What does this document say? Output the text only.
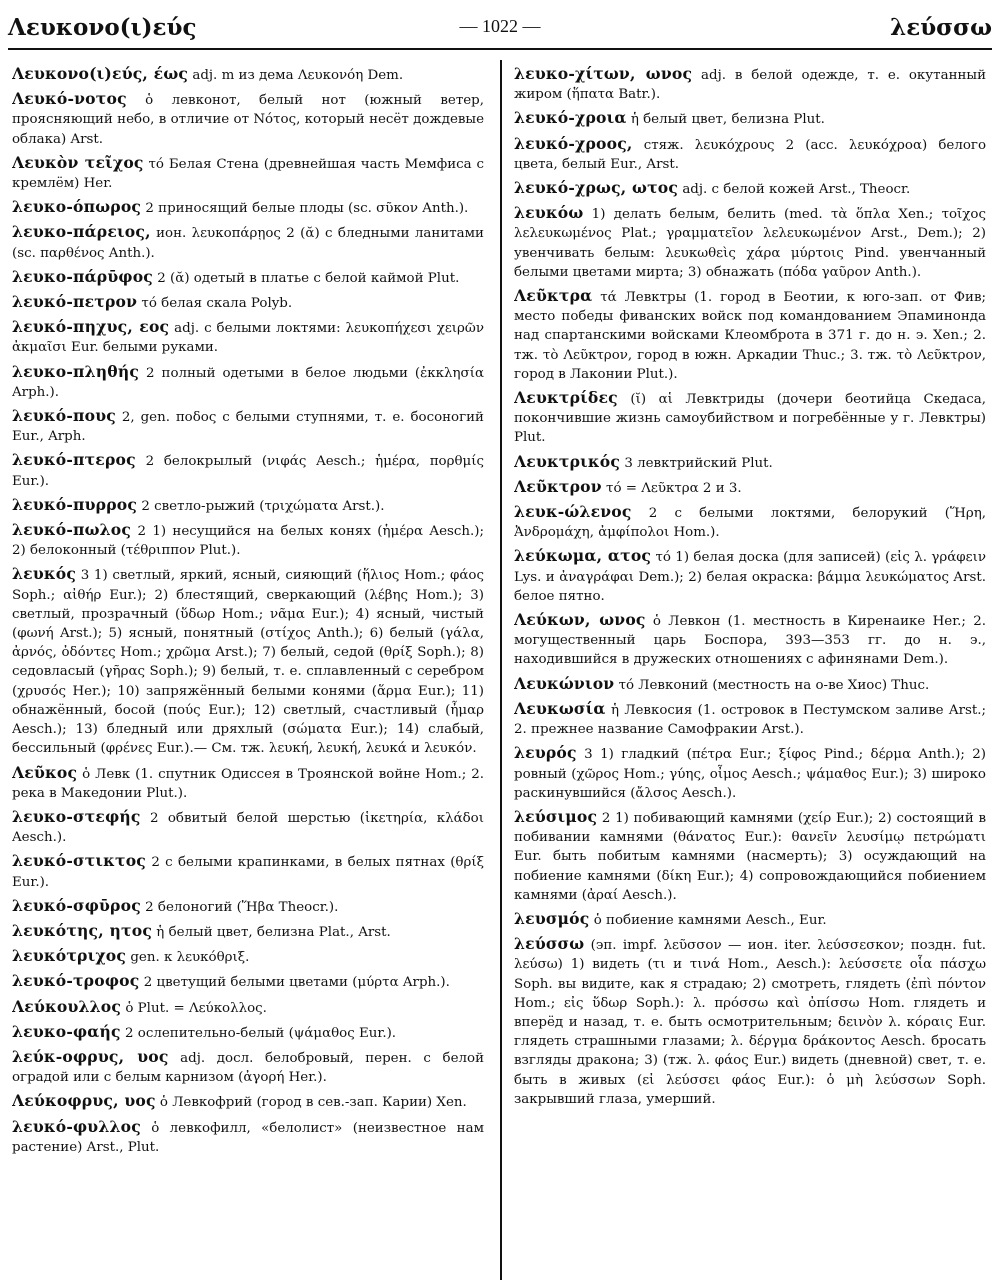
Λευκονο(ι)εύς	— 1022 —	λεύσσω

Λευκονο(ι)εύς, έως adj. m из дема Λευκονόη Dem.

Λευκό-νοτος ὁ левконот, белый нот (южный ветер, проясняющий небо, в отличие от Νότος, который несёт дождевые облака) Arst.

Λευκὸν τεῖχος τό Белая Стена (древнейшая часть Мемфиса с кремлём) Her.

λευκο-όπωρος 2 приносящий белые плоды (sc. σῦκον Anth.).

λευκο-πάρειος, ион. λευκοπάρῃος 2 (ᾰ) с бледными ланитами (sc. παρθένος Anth.).

λευκο-πάρῡφος 2 (ᾰ) одетый в платье с белой каймой Plut.

λευκό-πετρον τό белая скала Polyb.

λευκό-πηχυς, εος adj. с белыми локтями: λευκοπήχεσι χειρῶν ἀκμαῖσι Eur. белыми руками.

λευκο-πληθής 2 полный одетыми в белое людьми (ἐκκλησία Arph.).

λευκό-πους 2, gen. ποδος с белыми ступнями, т. е. босоногий Eur., Arph.

λευκό-πτερος 2 белокрылый (νιφάς Aesch.; ἡμέρα, πορθμίς Eur.).

λευκό-πυρρος 2 светло-рыжий (τριχώματα Arst.).

λευκό-πωλος 2 1) несущийся на белых конях (ἡμέρα Aesch.); 2) белоконный (τέθριππον Plut.).

λευκός 3 1) светлый, яркий, ясный, сияющий (ἥλιος Hom.; φάος Soph.; αἰθήρ Eur.); 2) блестящий, сверкающий (λέβης Hom.); 3) светлый, прозрачный (ὕδωρ Hom.; νᾶμα Eur.); 4) ясный, чистый (φωνή Arst.); 5) ясный, понятный (στίχος Anth.); 6) белый (γάλα, ἀρνός, ὀδόντες Hom.; χρῶμα Arst.); 7) белый, седой (θρίξ Soph.); 8) седовласый (γῆρας Soph.); 9) белый, т. е. сплавленный с серебром (χρυσός Her.); 10) запряжённый белыми конями (ἅρμα Eur.); 11) обнажённый, босой (πούς Eur.); 12) светлый, счастливый (ἦμαρ Aesch.); 13) бледный или дряхлый (σώματα Eur.); 14) слабый, бессильный (φρένες Eur.).— См. тж. λευκή, λευκή, λευκά и λευκόν.

Λεῦκος ὁ Левк (1. спутник Одиссея в Троянской войне Hom.; 2. река в Македонии Plut.).

λευκο-στεφής 2 обвитый белой шерстью (ἱκετηρία, κλάδοι Aesch.).

λευκό-στικτος 2 с белыми крапинками, в белых пятнах (θρίξ Eur.).

λευκό-σφῡρος 2 белоногий (Ἥβα Theocr.).

λευκότης, ητος ἡ белый цвет, белизна Plat., Arst.

λευκότριχος gen. к λευκόθριξ.

λευκό-τροφος 2 цветущий белыми цветами (μύρτα Arph.).

Λεύκουλλος ὁ Plut. = Λεύκολλος.

λευκο-φαής 2 ослепительно-белый (ψάμαθος Eur.).

λεύκ-οφρυς, υος adj. досл. белобровый, перен. с белой оградой или с белым карнизом (ἀγορή Her.).

Λεύκοφρυς, υος ὁ Левкофрий (город в сев.-зап. Карии) Xen.

λευκό-φυλλος ὁ левкофилл, «белолист» (неизвестное нам растение) Arst., Plut.

λευκο-χίτων, ωνος adj. в белой одежде, т. е. окутанный жиром (ἥπατα Batr.).

λευκό-χροια ἡ белый цвет, белизна Plut.

λευκό-χροος, стяж. λευκόχρους 2 (acc. λευκόχροα) белого цвета, белый Eur., Arst.

λευκό-χρως, ωτος adj. с белой кожей Arst., Theocr.

λευκόω 1) делать белым, белить (med. τὰ ὅπλα Xen.; τοῖχος λελευκωμένος Plat.; γραμματεῖον λελευκωμένον Arst., Dem.); 2) увенчивать белым: λευκωθεὶς χάρα μύρτοις Pind. увенчанный белыми цветами мирта; 3) обнажать (πόδα γαῦρον Anth.).

Λεῦκτρα τά Левктры (1. город в Беотии, к юго-зап. от Фив; место победы фиванских войск под командованием Эпаминонда над спартанскими войсками Клеомброта в 371 г. до н. э. Xen.; 2. тж. τὸ Λεῦκτρον, город в южн. Аркадии Thuc.; 3. тж. τὸ Λεῦκτρον, город в Лаконии Plut.).

Λευκτρίδες (ῐ) αἱ Левктриды (дочери беотийца Скедаса, покончившие жизнь самоубийством и погребённые у г. Левктры) Plut.

Λευκτρικός 3 левктрийский Plut.

Λεῦκτρον τό = Λεῦκτρα 2 и 3.

λευκ-ώλενος 2 с белыми локтями, белорукий (Ἥρη, Ἀνδρομάχη, ἀμφίπολοι Hom.).

λεύκωμα, ατος τό 1) белая доска (для записей) (εἰς λ. γράφειν Lys. и ἀναγράφαι Dem.); 2) белая окраска: βάμμα λευκώματος Arst. белое пятно.

Λεύκων, ωνος ὁ Левкон (1. местность в Киренаике Her.; 2. могущественный царь Боспора, 393—353 гг. до н. э., находившийся в дружеских отношениях с афинянами Dem.).

Λευκώνιον τό Левконий (местность на о-ве Хиос) Thuc.

Λευκωσία ἡ Левкосия (1. островок в Пестумском заливе Arst.; 2. прежнее название Самофракии Arst.).

λευρός 3 1) гладкий (πέτρα Eur.; ξίφος Pind.; δέρμα Anth.); 2) ровный (χῶρος Hom.; γύης, οἶμος Aesch.; ψάμαθος Eur.); 3) широко раскинувшийся (ἄλσος Aesch.).

λεύσιμος 2 1) побивающий камнями (χείρ Eur.); 2) состоящий в побивании камнями (θάνατος Eur.): θανεῖν λευσίμῳ πετρώματι Eur. быть побитым камнями (насмерть); 3) осуждающий на побиение камнями (δίκη Eur.); 4) сопровождающийся побиением камнями (ἀραί Aesch.).

λευσμός ὁ побиение камнями Aesch., Eur.

λεύσσω (эп. impf. λεῦσσον — ион. iter. λεύσσεσκον; поздн. fut. λεύσω) 1) видеть (τι и τινά Hom., Aesch.): λεύσσετε οἷα πάσχω Soph. вы видите, как я страдаю; 2) смотреть, глядеть (ἐπὶ πόντον Hom.; εἰς ὕδωρ Soph.): λ. πρόσσω καὶ ὀπίσσω Hom. глядеть и вперёд и назад, т. е. быть осмотрительным; δεινὸν λ. κόραις Eur. глядеть страшными глазами; λ. δέργμα δράκοντος Aesch. бросать взгляды дракона; 3) (тж. λ. φάος Eur.) видеть (дневной) свет, т. е. быть в живых (εἰ λεύσσει φάος Eur.): ὁ μὴ λεύσσων Soph. закрывший глаза, умерший.
